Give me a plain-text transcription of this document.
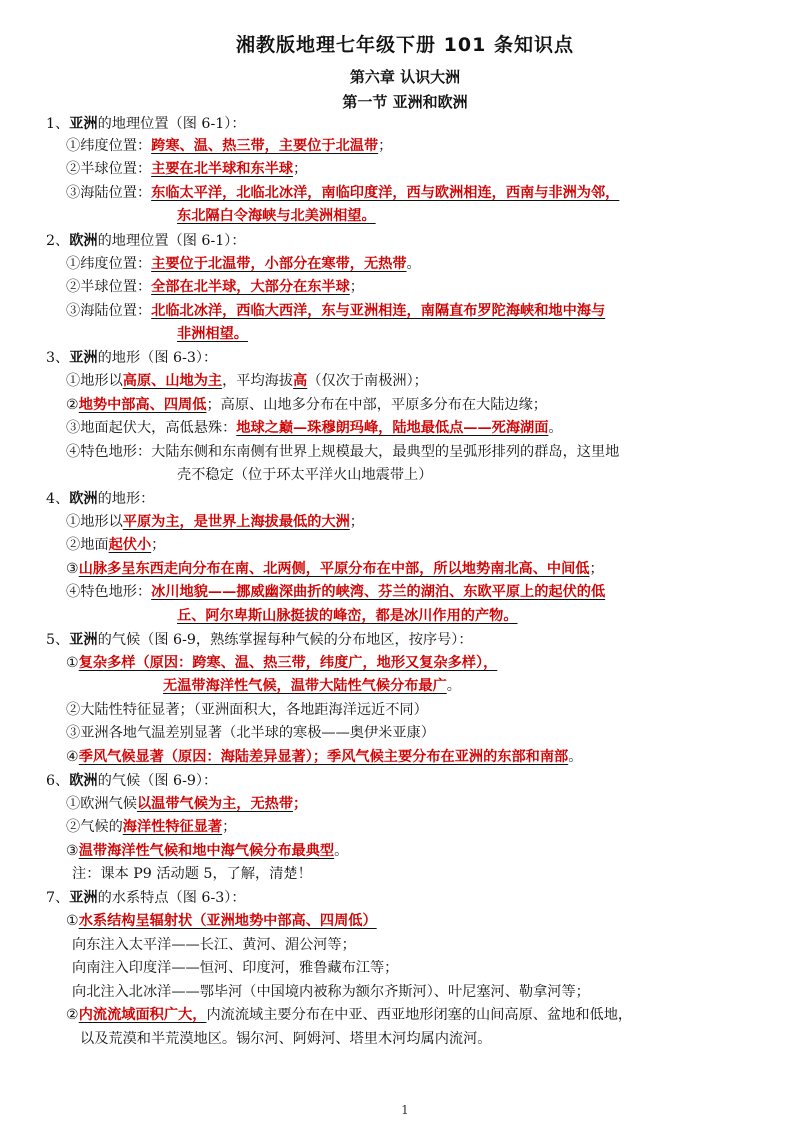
湘教版地理七年级下册 101 条知识点
第六章 认识大洲
第一节 亚洲和欧洲
1、亚洲的地理位置（图 6-1）：
①纬度位置：跨寒、温、热三带，主要位于北温带；
②半球位置：主要在北半球和东半球；
③海陆位置：东临太平洋，北临北冰洋，南临印度洋，西与欧洲相连，西南与非洲为邻，
东北隔白令海峡与北美洲相望。
2、欧洲的地理位置（图 6-1）：
①纬度位置：主要位于北温带，小部分在寒带，无热带。
②半球位置：全部在北半球，大部分在东半球；
③海陆位置：北临北冰洋，西临大西洋，东与亚洲相连，南隔直布罗陀海峡和地中海与
非洲相望。
3、亚洲的地形（图 6-3）：
①地形以高原、山地为主，平均海拔高（仅次于南极洲）；
②地势中部高、四周低；高原、山地多分布在中部，平原多分布在大陆边缘；
③地面起伏大，高低悬殊：地球之巅—珠穆朗玛峰，陆地最低点——死海湖面。
④特色地形：大陆东侧和东南侧有世界上规模最大，最典型的呈弧形排列的群岛，这里地
壳不稳定（位于环太平洋火山地震带上）
4、欧洲的地形：
①地形以平原为主，是世界上海拔最低的大洲；
②地面起伏小；
③山脉多呈东西走向分布在南、北两侧，平原分布在中部，所以地势南北高、中间低；
④特色地形：冰川地貌——挪威幽深曲折的峡湾、芬兰的湖泊、东欧平原上的起伏的低
丘、阿尔卑斯山脉挺拔的峰峦，都是冰川作用的产物。
5、亚洲的气候（图 6-9，熟练掌握每种气候的分布地区，按序号）：
①复杂多样（原因：跨寒、温、热三带，纬度广，地形又复杂多样），
无温带海洋性气候，温带大陆性气候分布最广。
②大陆性特征显著；（亚洲面积大，各地距海洋远近不同）
③亚洲各地气温差别显著（北半球的寒极——奥伊米亚康）
④季风气候显著（原因：海陆差异显著）；季风气候主要分布在亚洲的东部和南部。
6、欧洲的气候（图 6-9）：
①欧洲气候以温带气候为主，无热带；
②气候的海洋性特征显著；
③温带海洋性气候和地中海气候分布最典型。
注：课本 P9 活动题 5，了解，清楚！
7、亚洲的水系特点（图 6-3）：
①水系结构呈辐射状（亚洲地势中部高、四周低）
向东注入太平洋——长江、黄河、湄公河等；
向南注入印度洋——恒河、印度河，雅鲁藏布江等；
向北注入北冰洋——鄂毕河（中国境内被称为额尔齐斯河）、叶尼塞河、勒拿河等；
②内流流域面积广大，内流流域主要分布在中亚、西亚地形闭塞的山间高原、盆地和低地，
以及荒漠和半荒漠地区。锡尔河、阿姆河、塔里木河均属内流河。
1
